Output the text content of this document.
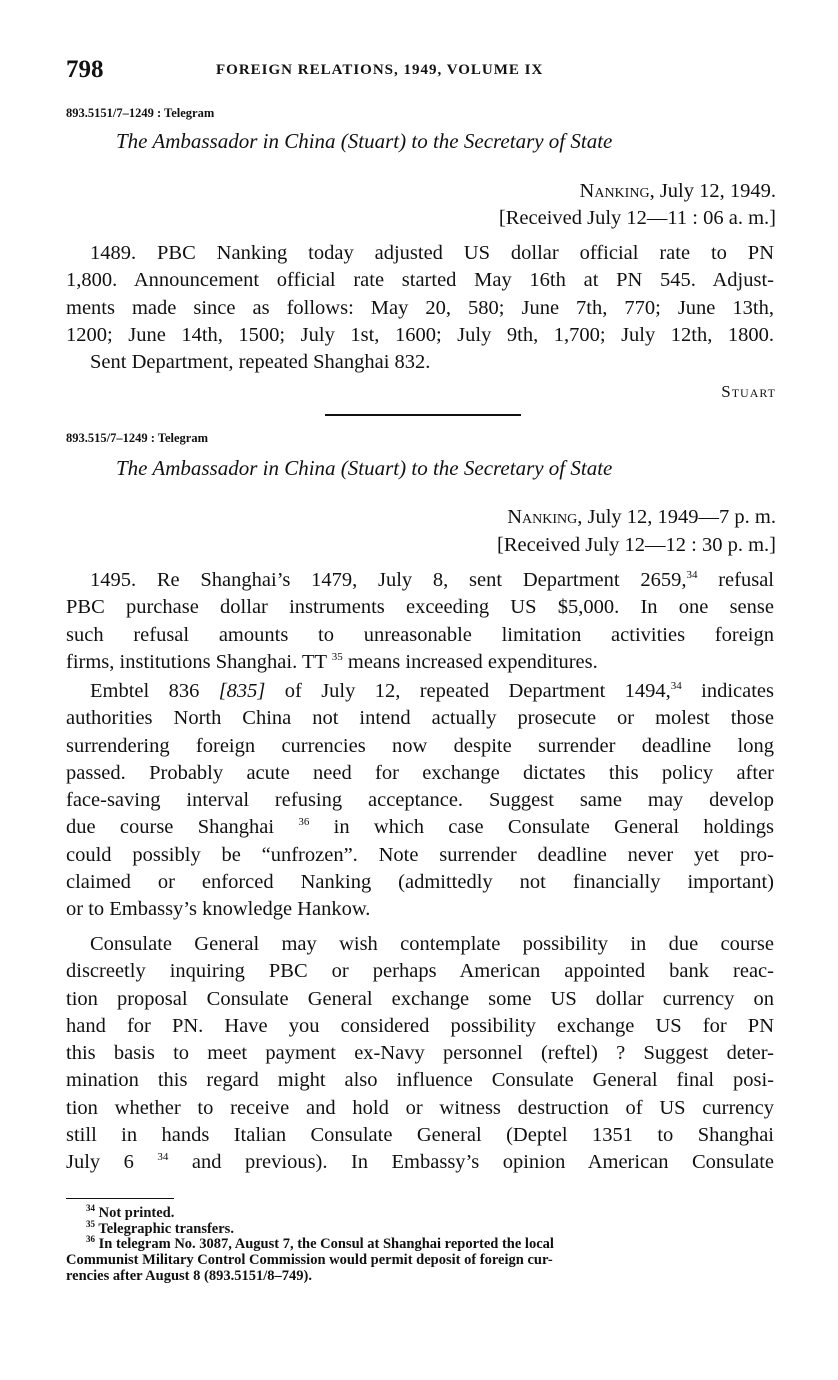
798	FOREIGN RELATIONS, 1949, VOLUME IX
893.5151/7–1249 : Telegram
The Ambassador in China (Stuart) to the Secretary of State
Nanking, July 12, 1949.
[Received July 12—11 : 06 a. m.]
1489. PBC Nanking today adjusted US dollar official rate to PN
1,800. Announcement official rate started May 16th at PN 545. Adjust-
ments made since as follows: May 20, 580; June 7th, 770; June 13th,
1200; June 14th, 1500; July 1st, 1600; July 9th, 1,700; July 12th, 1800.
Sent Department, repeated Shanghai 832.
Stuart
893.515/7–1249 : Telegram
The Ambassador in China (Stuart) to the Secretary of State
Nanking, July 12, 1949—7 p. m.
[Received July 12—12 : 30 p. m.]
1495. Re Shanghai’s 1479, July 8, sent Department 2659,34 refusal
PBC purchase dollar instruments exceeding US $5,000. In one sense
such refusal amounts to unreasonable limitation activities foreign
firms, institutions Shanghai. TT $^{35}$ means increased expenditures.
Embtel 836 [835] of July 12, repeated Department 1494,34 indicates
authorities North China not intend actually prosecute or molest those
surrendering foreign currencies now despite surrender deadline long
passed. Probably acute need for exchange dictates this policy after
face-saving interval refusing acceptance. Suggest same may develop
due course Shanghai $^{36}$ in which case Consulate General holdings
could possibly be “unfrozen”. Note surrender deadline never yet pro-
claimed or enforced Nanking (admittedly not financially important)
or to Embassy’s knowledge Hankow.
Consulate General may wish contemplate possibility in due course
discreetly inquiring PBC or perhaps American appointed bank reac-
tion proposal Consulate General exchange some US dollar currency on
hand for PN. Have you considered possibility exchange US for PN
this basis to meet payment ex-Navy personnel (reftel) ? Suggest deter-
mination this regard might also influence Consulate General final posi-
tion whether to receive and hold or witness destruction of US currency
still in hands Italian Consulate General (Deptel 1351 to Shanghai
July 6 $^{34}$ and previous). In Embassy’s opinion American Consulate
$^{34}$ Not printed.
$^{35}$ Telegraphic transfers.
$^{36}$ In telegram No. 3087, August 7, the Consul at Shanghai reported the local
Communist Military Control Commission would permit deposit of foreign cur-
rencies after August 8 (893.5151/8–749).
